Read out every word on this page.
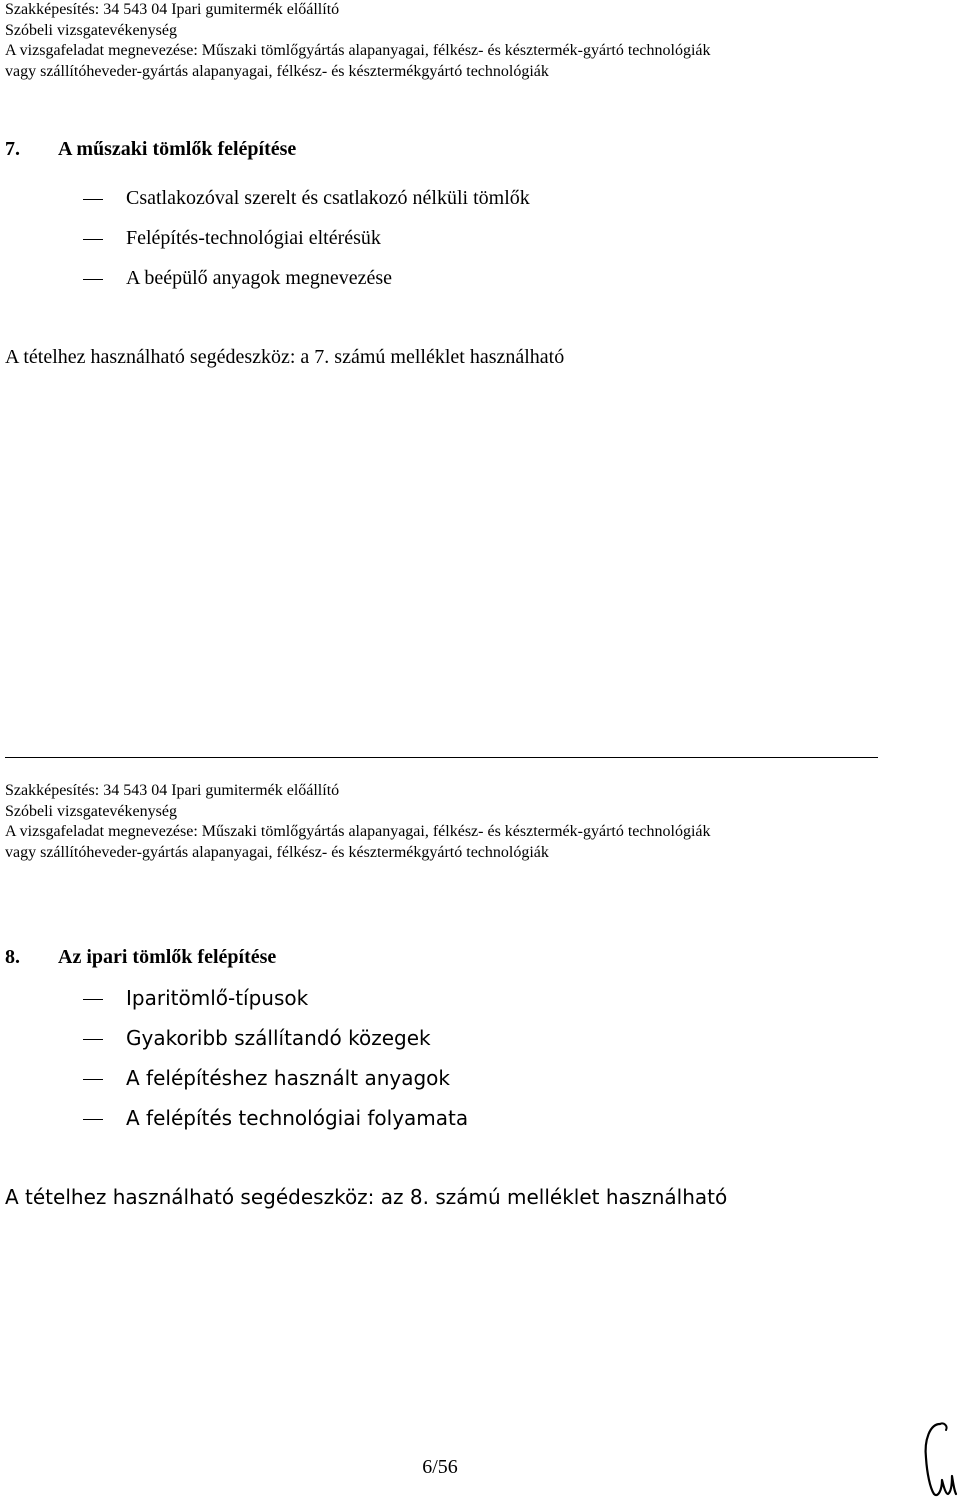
Szakképesítés: 34 543 04 Ipari gumitermék előállító
Szóbeli vizsgatevékenység
A vizsgafeladat megnevezése: Műszaki tömlőgyártás alapanyagai, félkész- és késztermék-gyártó technológiák
vagy szállítóheveder-gyártás alapanyagai, félkész- és késztermékgyártó technológiák
7. A műszaki tömlők felépítése
Csatlakozóval szerelt és csatlakozó nélküli tömlők
Felépítés-technológiai eltérésük
A beépülő anyagok megnevezése
A tételhez használható segédeszköz: a 7. számú melléklet használható
Szakképesítés: 34 543 04 Ipari gumitermék előállító
Szóbeli vizsgatevékenység
A vizsgafeladat megnevezése: Műszaki tömlőgyártás alapanyagai, félkész- és késztermék-gyártó technológiák
vagy szállítóheveder-gyártás alapanyagai, félkész- és késztermékgyártó technológiák
8. Az ipari tömlők felépítése
Iparitömlő-típusok
Gyakoribb szállítandó közegek
A felépítéshez használt anyagok
A felépítés technológiai folyamata
A tételhez használható segédeszköz: az 8. számú melléklet használható
6/56
